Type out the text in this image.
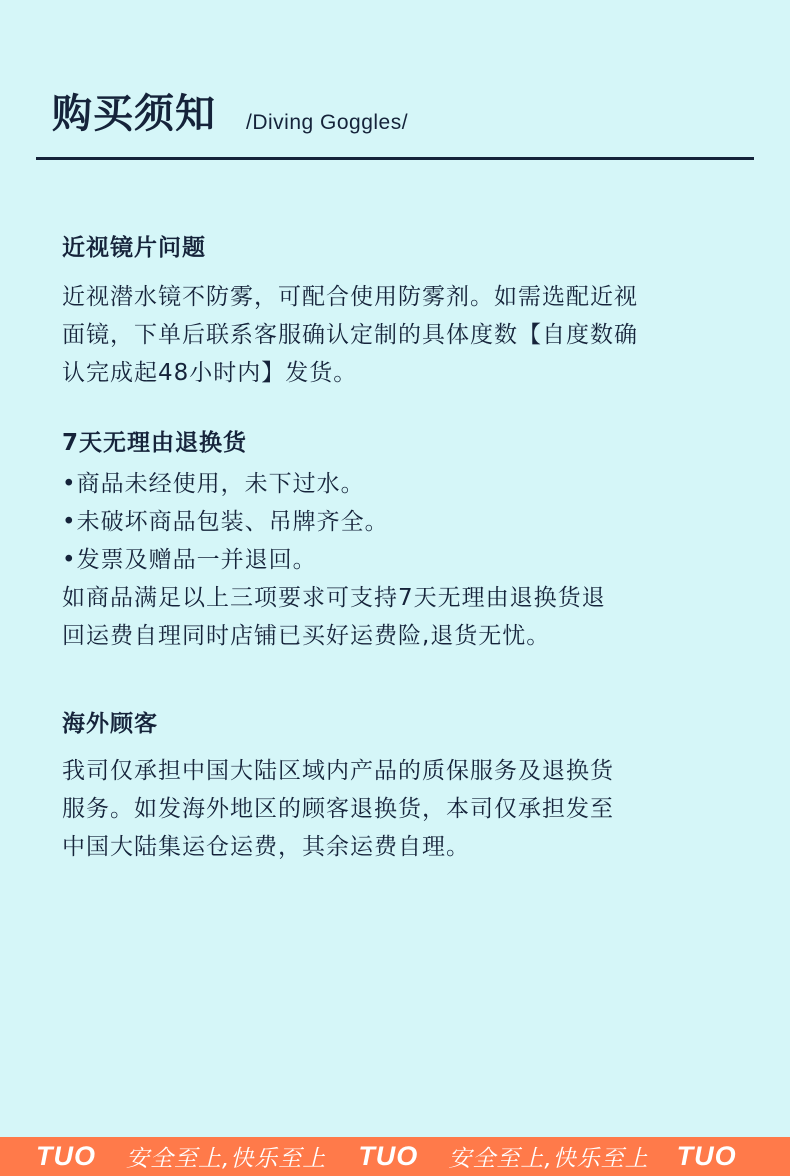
购买须知 /Diving Goggles/
近视镜片问题
近视潜水镜不防雾，可配合使用防雾剂。如需选配近视
面镜，下单后联系客服确认定制的具体度数【自度数确
认完成起48小时内】发货。
7天无理由退换货
•商品未经使用，未下过水。
•未破坏商品包装、吊牌齐全。
•发票及赠品一并退回。
如商品满足以上三项要求可支持7天无理由退换货退
回运费自理同时店铺已买好运费险,退货无忧。
海外顾客
我司仅承担中国大陆区域内产品的质保服务及退换货
服务。如发海外地区的顾客退换货，本司仅承担发至
中国大陆集运仓运费，其余运费自理。
TUO 安全至上,快乐至上 TUO 安全至上,快乐至上 TUO
